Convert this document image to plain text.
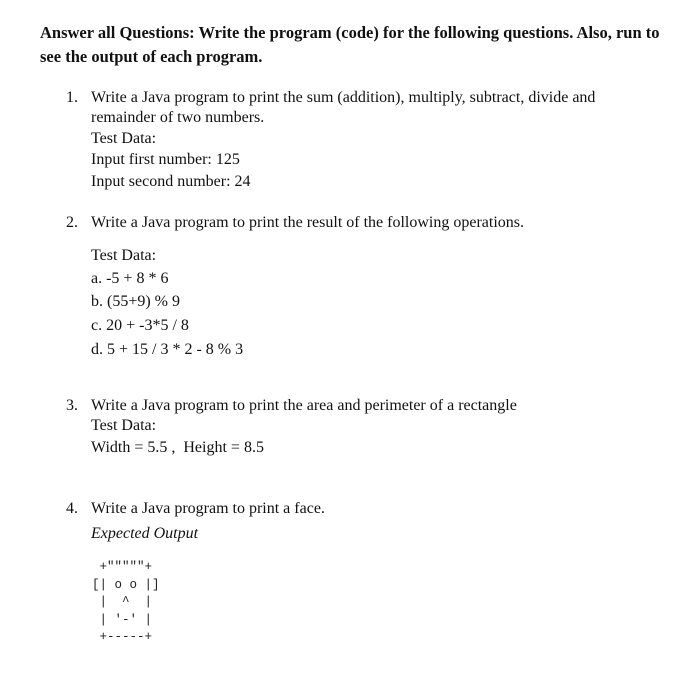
Answer all Questions: Write the program (code) for the following questions. Also, run to see the output of each program.
1. Write a Java program to print the sum (addition), multiply, subtract, divide and
remainder of two numbers.
Test Data:
Input first number: 125
Input second number: 24
2. Write a Java program to print the result of the following operations.
Test Data:
a. -5 + 8 * 6
b. (55+9) % 9
c. 20 + -3*5 / 8
d. 5 + 15 / 3 * 2 - 8 % 3
3. Write a Java program to print the area and perimeter of a rectangle
Test Data:
Width = 5.5 ,  Height = 8.5
4. Write a Java program to print a face.
Expected Output
+"""""+
[| o o |]
|  ^  |
| '-' |
+-----+
